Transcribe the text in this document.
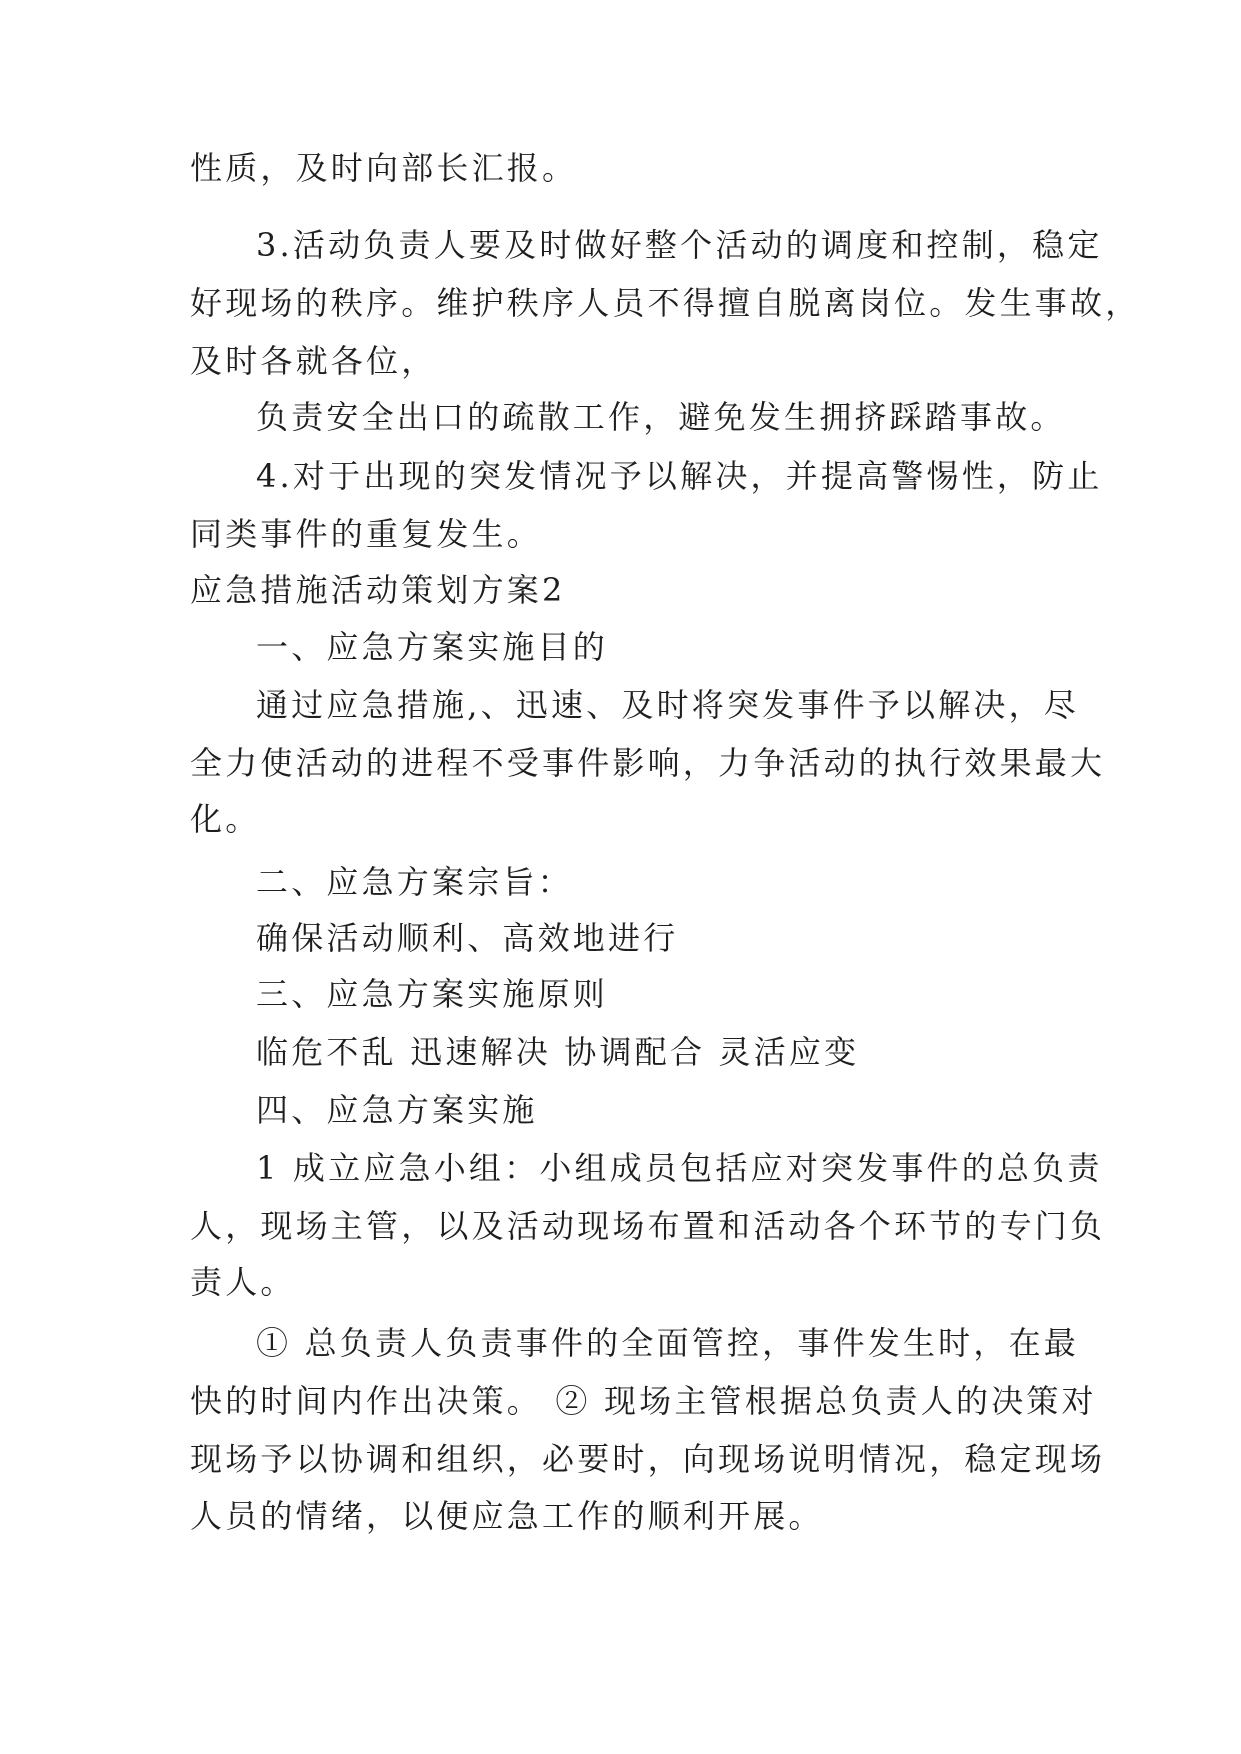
性质，及时向部长汇报。
3.活动负责人要及时做好整个活动的调度和控制，稳定
好现场的秩序。维护秩序人员不得擅自脱离岗位。发生事故，
及时各就各位，
负责安全出口的疏散工作，避免发生拥挤踩踏事故。
4.对于出现的突发情况予以解决，并提高警惕性，防止
同类事件的重复发生。
应急措施活动策划方案2
一、应急方案实施目的
通过应急措施,、迅速、及时将突发事件予以解决，尽
全力使活动的进程不受事件影响，力争活动的执行效果最大
化。
二、应急方案宗旨：
确保活动顺利、高效地进行
三、应急方案实施原则
临危不乱 迅速解决 协调配合 灵活应变
四、应急方案实施
1 成立应急小组：小组成员包括应对突发事件的总负责
人，现场主管，以及活动现场布置和活动各个环节的专门负
责人。
① 总负责人负责事件的全面管控，事件发生时，在最
快的时间内作出决策。 ② 现场主管根据总负责人的决策对
现场予以协调和组织，必要时，向现场说明情况，稳定现场
人员的情绪，以便应急工作的顺利开展。
